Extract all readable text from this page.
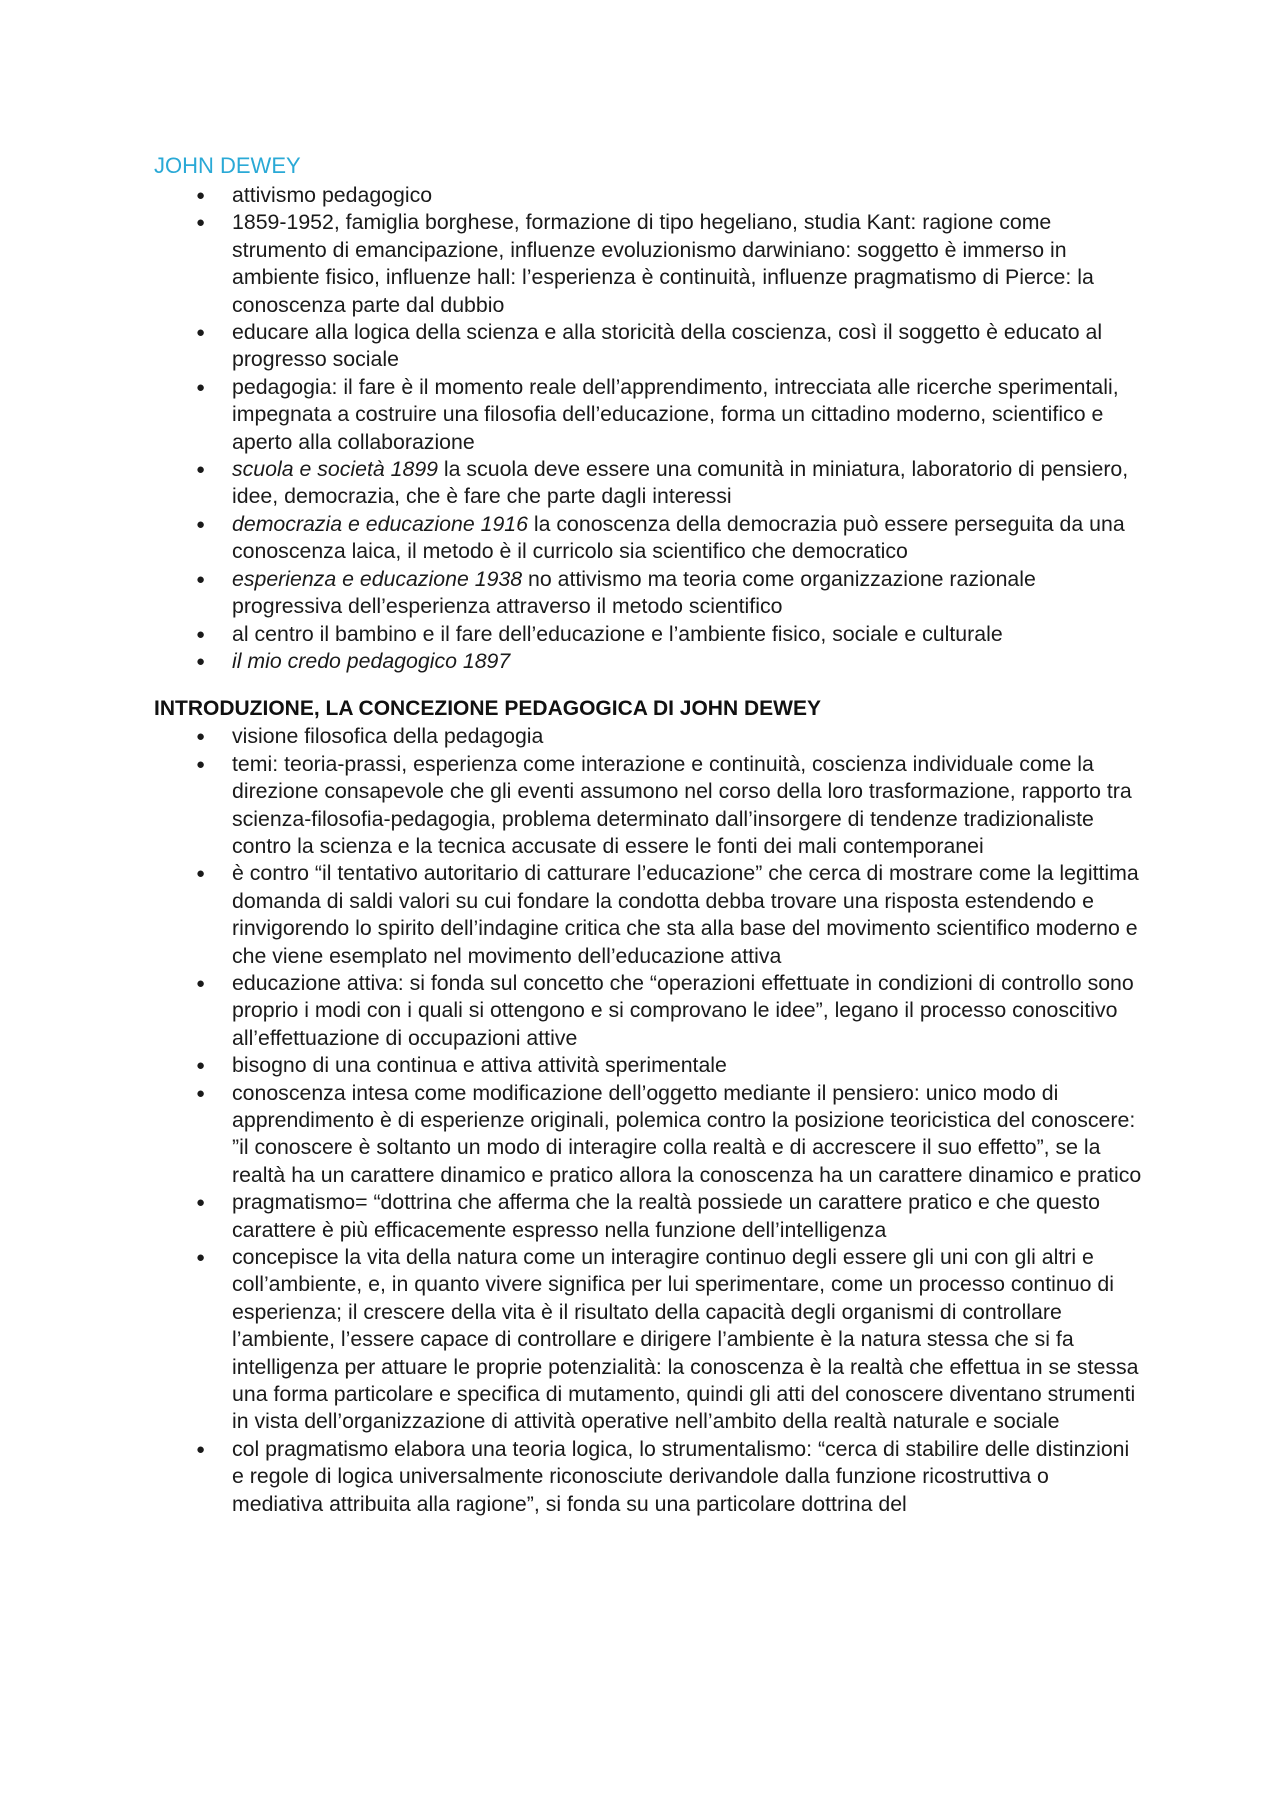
JOHN DEWEY
● attivismo pedagogico
● 1859-1952, famiglia borghese, formazione di tipo hegeliano, studia Kant: ragione come strumento di emancipazione, influenze evoluzionismo darwiniano: soggetto è immerso in ambiente fisico, influenze hall: l’esperienza è continuità, influenze pragmatismo di Pierce: la conoscenza parte dal dubbio
● educare alla logica della scienza e alla storicità della coscienza, così il soggetto è educato al progresso sociale
● pedagogia: il fare è il momento reale dell’apprendimento, intrecciata alle ricerche sperimentali, impegnata a costruire una filosofia dell’educazione, forma un cittadino moderno, scientifico e aperto alla collaborazione
● scuola e società 1899 la scuola deve essere una comunità in miniatura, laboratorio di pensiero, idee, democrazia, che è fare che parte dagli interessi
● democrazia e educazione 1916 la conoscenza della democrazia può essere perseguita da una conoscenza laica, il metodo è il curricolo sia scientifico che democratico
● esperienza e educazione 1938 no attivismo ma teoria come organizzazione razionale progressiva dell’esperienza attraverso il metodo scientifico
● al centro il bambino e il fare dell’educazione e l’ambiente fisico, sociale e culturale
● il mio credo pedagogico 1897
INTRODUZIONE, LA CONCEZIONE PEDAGOGICA DI JOHN DEWEY
● visione filosofica della pedagogia
● temi: teoria-prassi, esperienza come interazione e continuità, coscienza individuale come la direzione consapevole che gli eventi assumono nel corso della loro trasformazione, rapporto tra scienza-filosofia-pedagogia, problema determinato dall’insorgere di tendenze tradizionaliste contro la scienza e la tecnica accusate di essere le fonti dei mali contemporanei
● è contro “il tentativo autoritario di catturare l’educazione” che cerca di mostrare come la legittima domanda di saldi valori su cui fondare la condotta debba trovare una risposta estendendo e rinvigorendo lo spirito dell’indagine critica che sta alla base del movimento scientifico moderno e che viene esemplato nel movimento dell’educazione attiva
● educazione attiva: si fonda sul concetto che “operazioni effettuate in condizioni di controllo sono proprio i modi con i quali si ottengono e si comprovano le idee”, legano il processo conoscitivo all’effettuazione di occupazioni attive
● bisogno di una continua e attiva attività sperimentale
● conoscenza intesa come modificazione dell’oggetto mediante il pensiero: unico modo di apprendimento è di esperienze originali, polemica contro la posizione teoricistica del conoscere: ”il conoscere è soltanto un modo di interagire colla realtà e di accrescere il suo effetto”, se la realtà ha un carattere dinamico e pratico allora la conoscenza ha un carattere dinamico e pratico
● pragmatismo= “dottrina che afferma che la realtà possiede un carattere pratico e che questo carattere è più efficacemente espresso nella funzione dell’intelligenza
● concepisce la vita della natura come un interagire continuo degli essere gli uni con gli altri e coll’ambiente, e, in quanto vivere significa per lui sperimentare, come un processo continuo di esperienza; il crescere della vita è il risultato della capacità degli organismi di controllare l’ambiente, l’essere capace di controllare e dirigere l’ambiente è la natura stessa che si fa intelligenza per attuare le proprie potenzialità: la conoscenza è la realtà che effettua in se stessa una forma particolare e specifica di mutamento, quindi gli atti del conoscere diventano strumenti in vista dell’organizzazione di attività operative nell’ambito della realtà naturale e sociale
● col pragmatismo elabora una teoria logica, lo strumentalismo: “cerca di stabilire delle distinzioni e regole di logica universalmente riconosciute derivandole dalla funzione ricostruttiva o mediativa attribuita alla ragione”, si fonda su una particolare dottrina del
